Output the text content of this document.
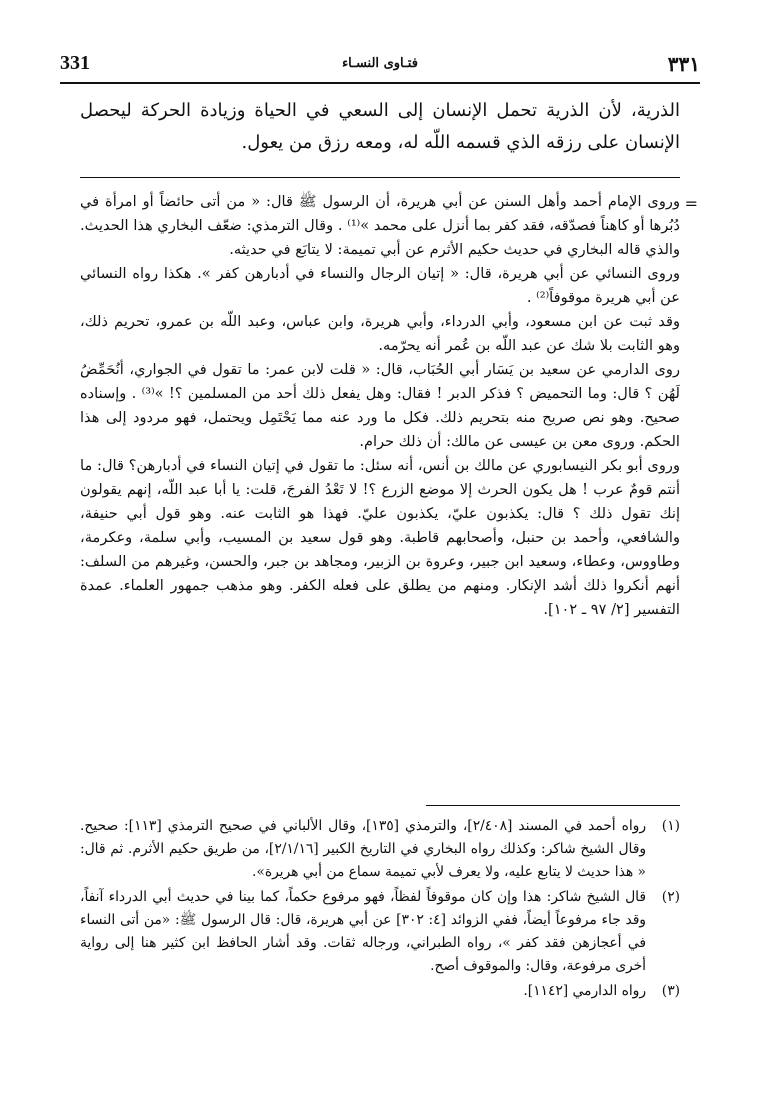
331	فتـاوى النسـاء	٣٣١
الذرية، لأن الذرية تحمل الإنسان إلى السعي في الحياة وزيادة الحركة ليحصل الإنسان على رزقه الذي قسمه اللّه له، ومعه رزق من يعول.
=

وروى الإمام أحمد وأهل السنن عن أبي هريرة، أن الرسول ﷺ قال: « من أتى حائضاً أو امرأة في دُبُرها أو كاهناً فصدّقه، فقد كفر بما أنزل على محمد »⁽¹⁾ . وقال الترمذي: ضعّف البخاري هذا الحديث. والذي قاله البخاري في حديث حكيم الأثرم عن أبي تميمة: لا يتابَع في حديثه.

وروى النسائي عن أبي هريرة، قال: « إتيان الرجال والنساء في أدبارهن كفر ». هكذا رواه النسائي عن أبي هريرة موقوفاً⁽²⁾ .

وقد ثبت عن ابن مسعود، وأبي الدرداء، وأبي هريرة، وابن عباس، وعبد اللّه بن عمرو، تحريم ذلك، وهو الثابت بلا شك عن عبد اللّه بن عُمر أنه يحرّمه.

روى الدارمي عن سعيد بن يَسَار أبي الحُبَاب، قال: « قلت لابن عمر: ما تقول في الجواري، أنُحَمِّضُ لَهُن ؟ قال: وما التحميض ؟ فذكر الدبر ! فقال: وهل يفعل ذلك أحد من المسلمين ؟! »⁽³⁾ . وإسناده صحيح. وهو نص صريح منه بتحريم ذلك. فكل ما ورد عنه مما يَحْتَمِل ويحتمل، فهو مردود إلى هذا الحكم. وروى معن بن عيسى عن مالك: أن ذلك حرام.

وروى أبو بكر النيسابوري عن مالك بن أنس، أنه سئل: ما تقول في إتيان النساء في أدبارهن؟ قال: ما أنتم قومٌ عرب ! هل يكون الحرث إلا موضع الزرع ؟! لا تَعْدُ الفرجَ، قلت: يا أبا عبد اللّه، إنهم يقولون إنك تقول ذلك ؟ قال: يكذبون عليّ، يكذبون عليّ. فهذا هو الثابت عنه. وهو قول أبي حنيفة، والشافعي، وأحمد بن حنبل، وأصحابهم قاطبة. وهو قول سعيد بن المسيب، وأبي سلمة، وعكرمة، وطاووس، وعطاء، وسعيد ابن جبير، وعروة بن الزبير، ومجاهد بن جبر، والحسن، وغيرهم من السلف: أنهم أنكروا ذلك أشد الإنكار. ومنهم من يطلق على فعله الكفر. وهو مذهب جمهور العلماء. عمدة التفسير [٢/ ٩٧ ـ ١٠٢].

(١)
رواه أحمد في المسند [٢/٤٠٨]، والترمذي [١٣٥]، وقال الألباني في صحيح الترمذي [١١٣]: صحيح. وقال الشيخ شاكر: وكذلك رواه البخاري في التاريخ الكبير [٢/١/١٦]، من طريق حكيم الأثرم. ثم قال: « هذا حديث لا يتابع عليه، ولا يعرف لأبي تميمة سماع من أبي هريرة».
(٢)
قال الشيخ شاكر: هذا وإن كان موقوفاً لفظاً، فهو مرفوع حكماً، كما بينا في حديث أبي الدرداء آنفاً، وقد جاء مرفوعاً أيضاً، ففي الزوائد [٤: ٣٠٢] عن أبي هريرة، قال: قال الرسول ﷺ: «من أتى النساء في أعجازهن فقد كفر »، رواه الطبراني، ورجاله ثقات. وقد أشار الحافظ ابن كثير هنا إلى رواية أخرى مرفوعة، وقال: والموقوف أصح.
(٣)
رواه الدارمي [١١٤٢].
